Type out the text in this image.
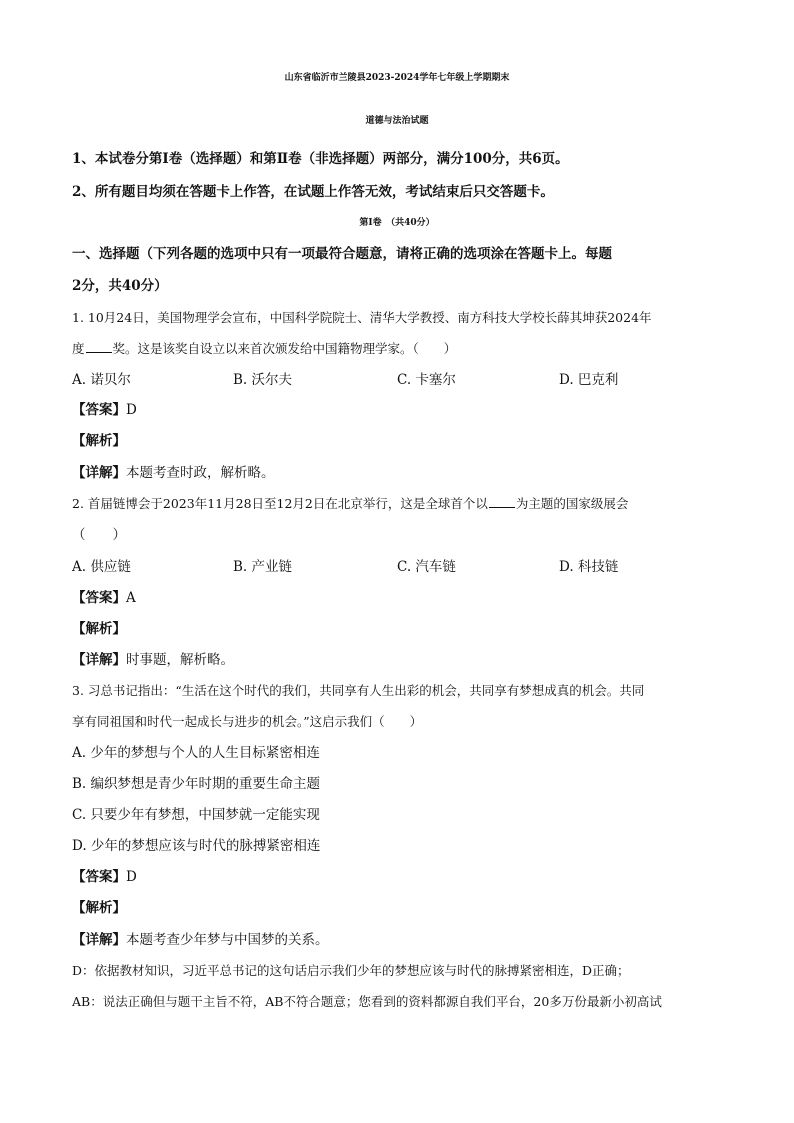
山东省临沂市兰陵县2023-2024学年七年级上学期期末
道德与法治试题
1、本试卷分第Ⅰ卷（选择题）和第Ⅱ卷（非选择题）两部分，满分100分，共6页。
2、所有题目均须在答题卡上作答，在试题上作答无效，考试结束后只交答题卡。
第Ⅰ卷　（共40分）
一、选择题（下列各题的选项中只有一项最符合题意，请将正确的选项涂在答题卡上。每题
2分，共40分）
1. 10月24日，美国物理学会宣布，中国科学院院士、清华大学教授、南方科技大学校长薛其坤获2024年
度 奖。这是该奖自设立以来首次颁发给中国籍物理学家。（　　）
A. 诺贝尔	B. 沃尔夫	C. 卡塞尔	D. 巴克利
【答案】D
【解析】
【详解】本题考查时政，解析略。
2. 首届链博会于2023年11月28日至12月2日在北京举行，这是全球首个以 为主题的国家级展会
（　　）
A. 供应链	B. 产业链	C. 汽车链	D. 科技链
【答案】A
【解析】
【详解】时事题，解析略。
3. 习总书记指出：“生活在这个时代的我们，共同享有人生出彩的机会，共同享有梦想成真的机会。共同
享有同祖国和时代一起成长与进步的机会。”这启示我们（　　）
A. 少年的梦想与个人的人生目标紧密相连
B. 编织梦想是青少年时期的重要生命主题
C. 只要少年有梦想，中国梦就一定能实现
D. 少年的梦想应该与时代的脉搏紧密相连
【答案】D
【解析】
【详解】本题考查少年梦与中国梦的关系。
D：依据教材知识，习近平总书记的这句话启示我们少年的梦想应该与时代的脉搏紧密相连，D正确；
AB：说法正确但与题干主旨不符，AB不符合题意；您看到的资料都源自我们平台，20多万份最新小初高试
